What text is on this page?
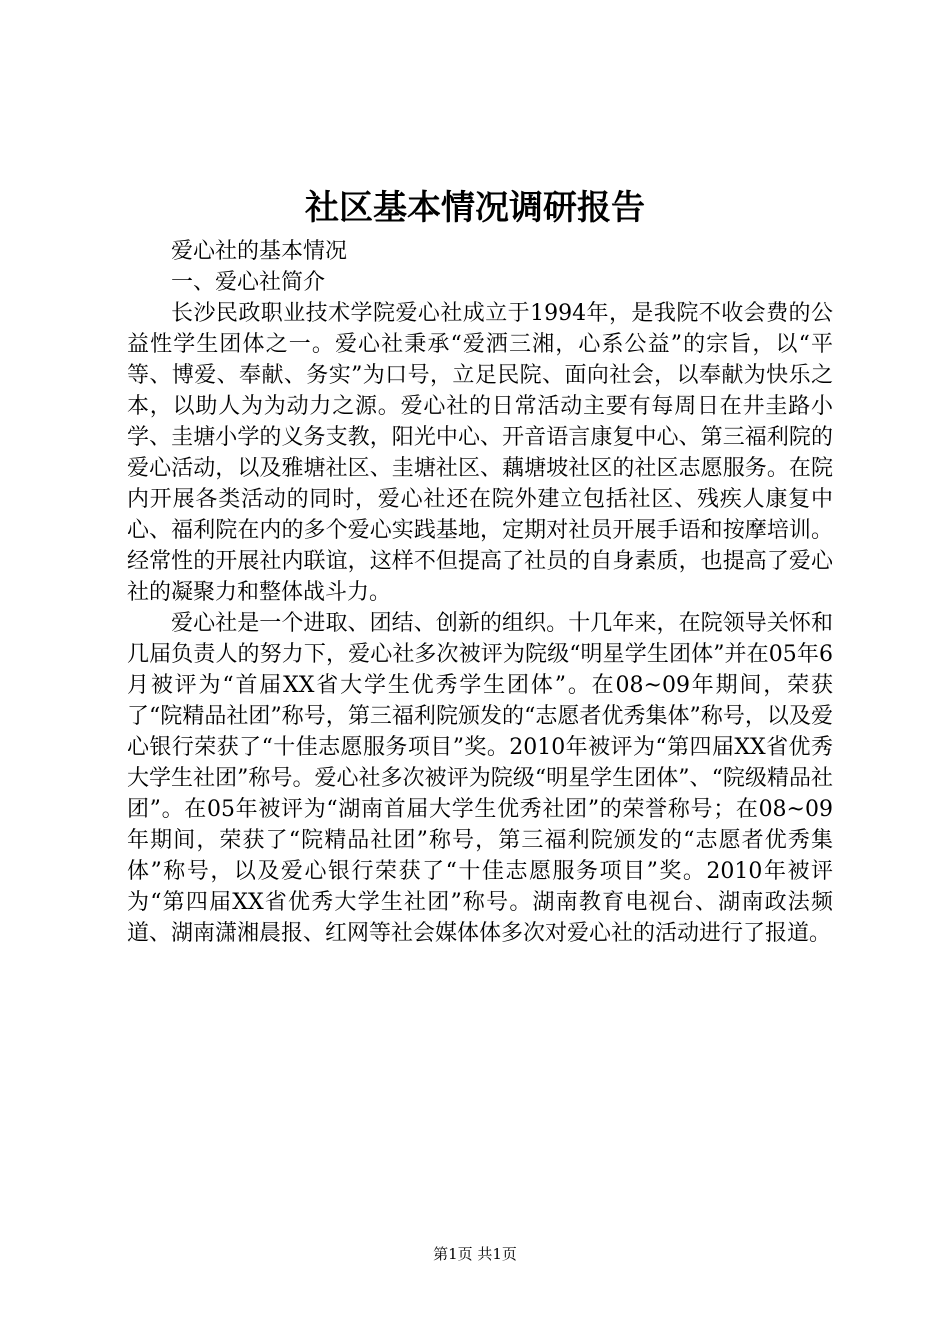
社区基本情况调研报告

爱心社的基本情况

一、爱心社简介

长沙民政职业技术学院爱心社成立于1994年，是我院不收会费的公益性学生团体之一。爱心社秉承“爱洒三湘，心系公益”的宗旨，以“平等、博爱、奉献、务实”为口号，立足民院、面向社会，以奉献为快乐之本，以助人为为动力之源。爱心社的日常活动主要有每周日在井圭路小学、圭塘小学的义务支教，阳光中心、开音语言康复中心、第三福利院的爱心活动，以及雅塘社区、圭塘社区、藕塘坡社区的社区志愿服务。在院内开展各类活动的同时，爱心社还在院外建立包括社区、残疾人康复中心、福利院在内的多个爱心实践基地，定期对社员开展手语和按摩培训。经常性的开展社内联谊，这样不但提高了社员的自身素质，也提高了爱心社的凝聚力和整体战斗力。

爱心社是一个进取、团结、创新的组织。十几年来，在院领导关怀和几届负责人的努力下，爱心社多次被评为院级“明星学生团体”并在05年6月被评为“首届XX省大学生优秀学生团体”。在08~09年期间，荣获了“院精品社团”称号，第三福利院颁发的“志愿者优秀集体”称号，以及爱心银行荣获了“十佳志愿服务项目”奖。2010年被评为“第四届XX省优秀大学生社团”称号。爱心社多次被评为院级“明星学生团体”、“院级精品社团”。在05年被评为“湖南首届大学生优秀社团”的荣誉称号；在08~09年期间，荣获了“院精品社团”称号，第三福利院颁发的“志愿者优秀集体”称号，以及爱心银行荣获了“十佳志愿服务项目”奖。2010年被评为“第四届XX省优秀大学生社团”称号。湖南教育电视台、湖南政法频道、湖南潇湘晨报、红网等社会媒体体多次对爱心社的活动进行了报道。

第1页 共1页
